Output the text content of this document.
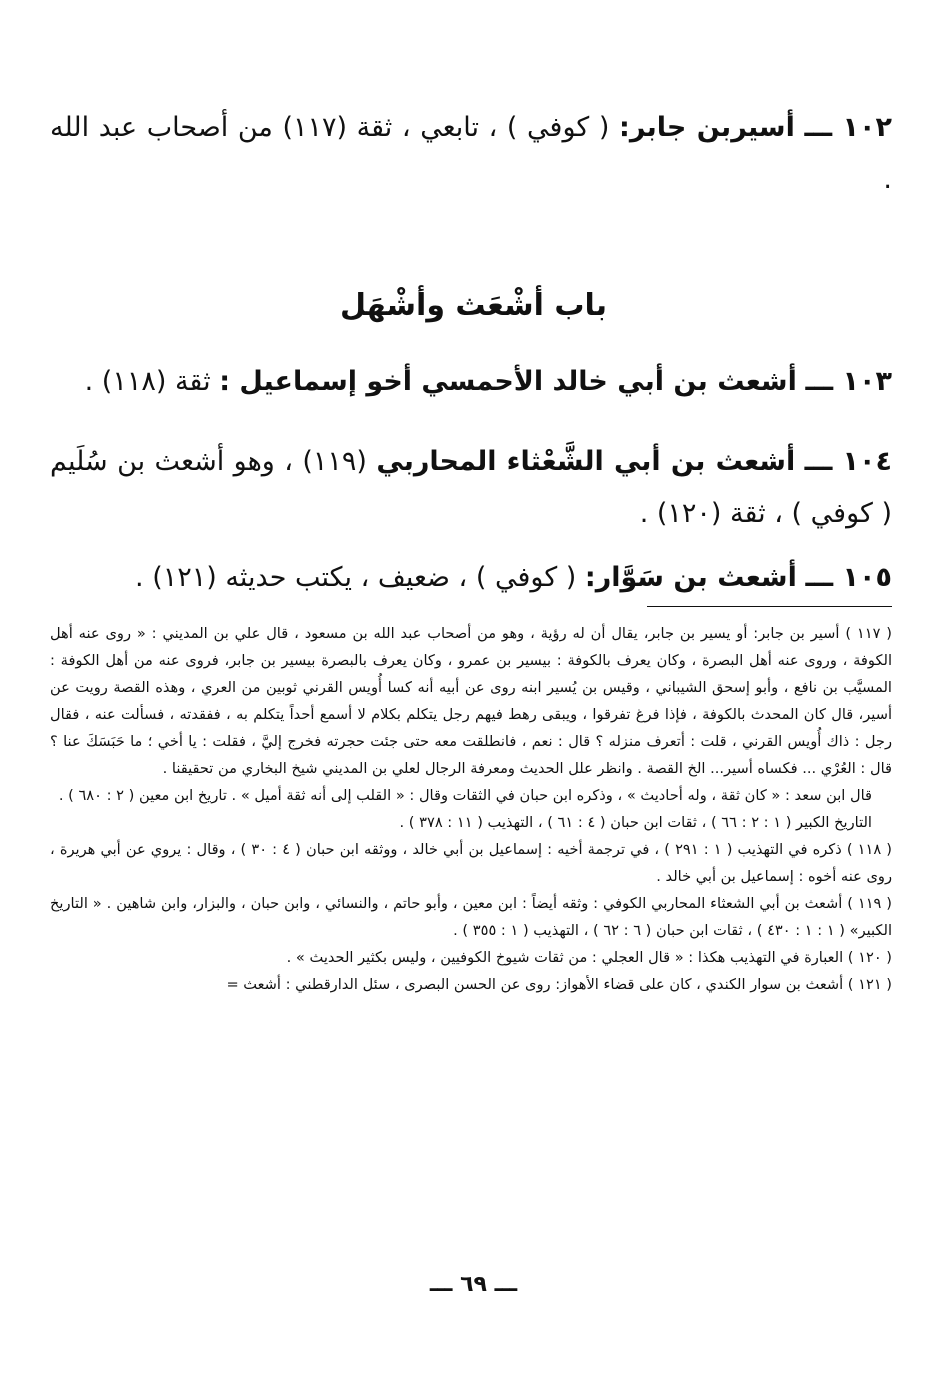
١٠٢ ـــ أسيربن جابر: ( كوفي ) ، تابعي ، ثقة (١١٧) من أصحاب عبد الله .
باب أشْعَث وأشْهَل
١٠٣ ـــ أشعث بن أبي خالد الأحمسي أخو إسماعيل : ثقة (١١٨) .
١٠٤ ـــ أشعث بن أبي الشَّعْثاء المحاربي (١١٩) ، وهو أشعث بن سُلَيم ( كوفي ) ، ثقة (١٢٠) .
١٠٥ ـــ أشعث بن سَوَّار: ( كوفي ) ، ضعيف ، يكتب حديثه (١٢١) .

( ١١٧ ) أسير بن جابر: أو يسير بن جابر، يقال أن له رؤية ، وهو من أصحاب عبد الله بن مسعود ، قال علي بن المديني : « روى عنه أهل الكوفة ، وروى عنه أهل البصرة ، وكان يعرف بالكوفة : بيسير بن عمرو ، وكان يعرف بالبصرة بيسير بن جابر، فروى عنه من أهل الكوفة : المسيَّب بن نافع ، وأبو إسحق الشيباني ، وقيس بن يُسير ابنه روى عن أبيه أنه كسا أُويس القرني ثوبين من العري ، وهذه القصة رويت عن أسير، قال كان المحدث بالكوفة ، فإذا فرغ تفرقوا ، ويبقى رهط فيهم رجل يتكلم بكلام لا أسمع أحداً يتكلم به ، ففقدته ، فسألت عنه ، فقال رجل : ذاك أُويس القرني ، قلت : أتعرف منزله ؟ قال : نعم ، فانطلقت معه حتى جئت حجرته فخرج إليَّ ، فقلت : يا أخي ؛ ما حَبَسَكَ عنا ؟ قال : العُرْي ... فكساه أسير... الخ القصة . وانظر علل الحديث ومعرفة الرجال لعلي بن المديني شيخ البخاري من تحقيقنا .

قال ابن سعد : « كان ثقة ، وله أحاديث » ، وذكره ابن حبان في الثقات وقال : « القلب إلى أنه ثقة أميل » . تاريخ ابن معين ( ٢ : ٦٨٠ ) .

التاريخ الكبير ( ١ : ٢ : ٦٦ ) ، ثقات ابن حبان ( ٤ : ٦١ ) ، التهذيب ( ١١ : ٣٧٨ ) .

( ١١٨ ) ذكره في التهذيب ( ١ : ٢٩١ ) ، في ترجمة أخيه : إسماعيل بن أبي خالد ، ووثقه ابن حبان ( ٤ : ٣٠ ) ، وقال : يروي عن أبي هريرة ، روى عنه أخوه : إسماعيل بن أبي خالد .

( ١١٩ ) أشعث بن أبي الشعثاء المحاربي الكوفي : وثقه أيضاً : ابن معين ، وأبو حاتم ، والنسائي ، وابن حبان ، والبزار، وابن شاهين . « التاريخ الكبير» ( ١ : ١ : ٤٣٠ ) ، ثقات ابن حبان ( ٦ : ٦٢ ) ، التهذيب ( ١ : ٣٥٥ ) .

( ١٢٠ ) العبارة في التهذيب هكذا : « قال العجلي : من ثقات شيوخ الكوفيين ، وليس بكثير الحديث » .

( ١٢١ ) أشعث بن سوار الكندي ، كان على قضاء الأهواز: روى عن الحسن البصرى ، سئل الدارقطني : أشعث =

ـــ ٦٩ ـــ
